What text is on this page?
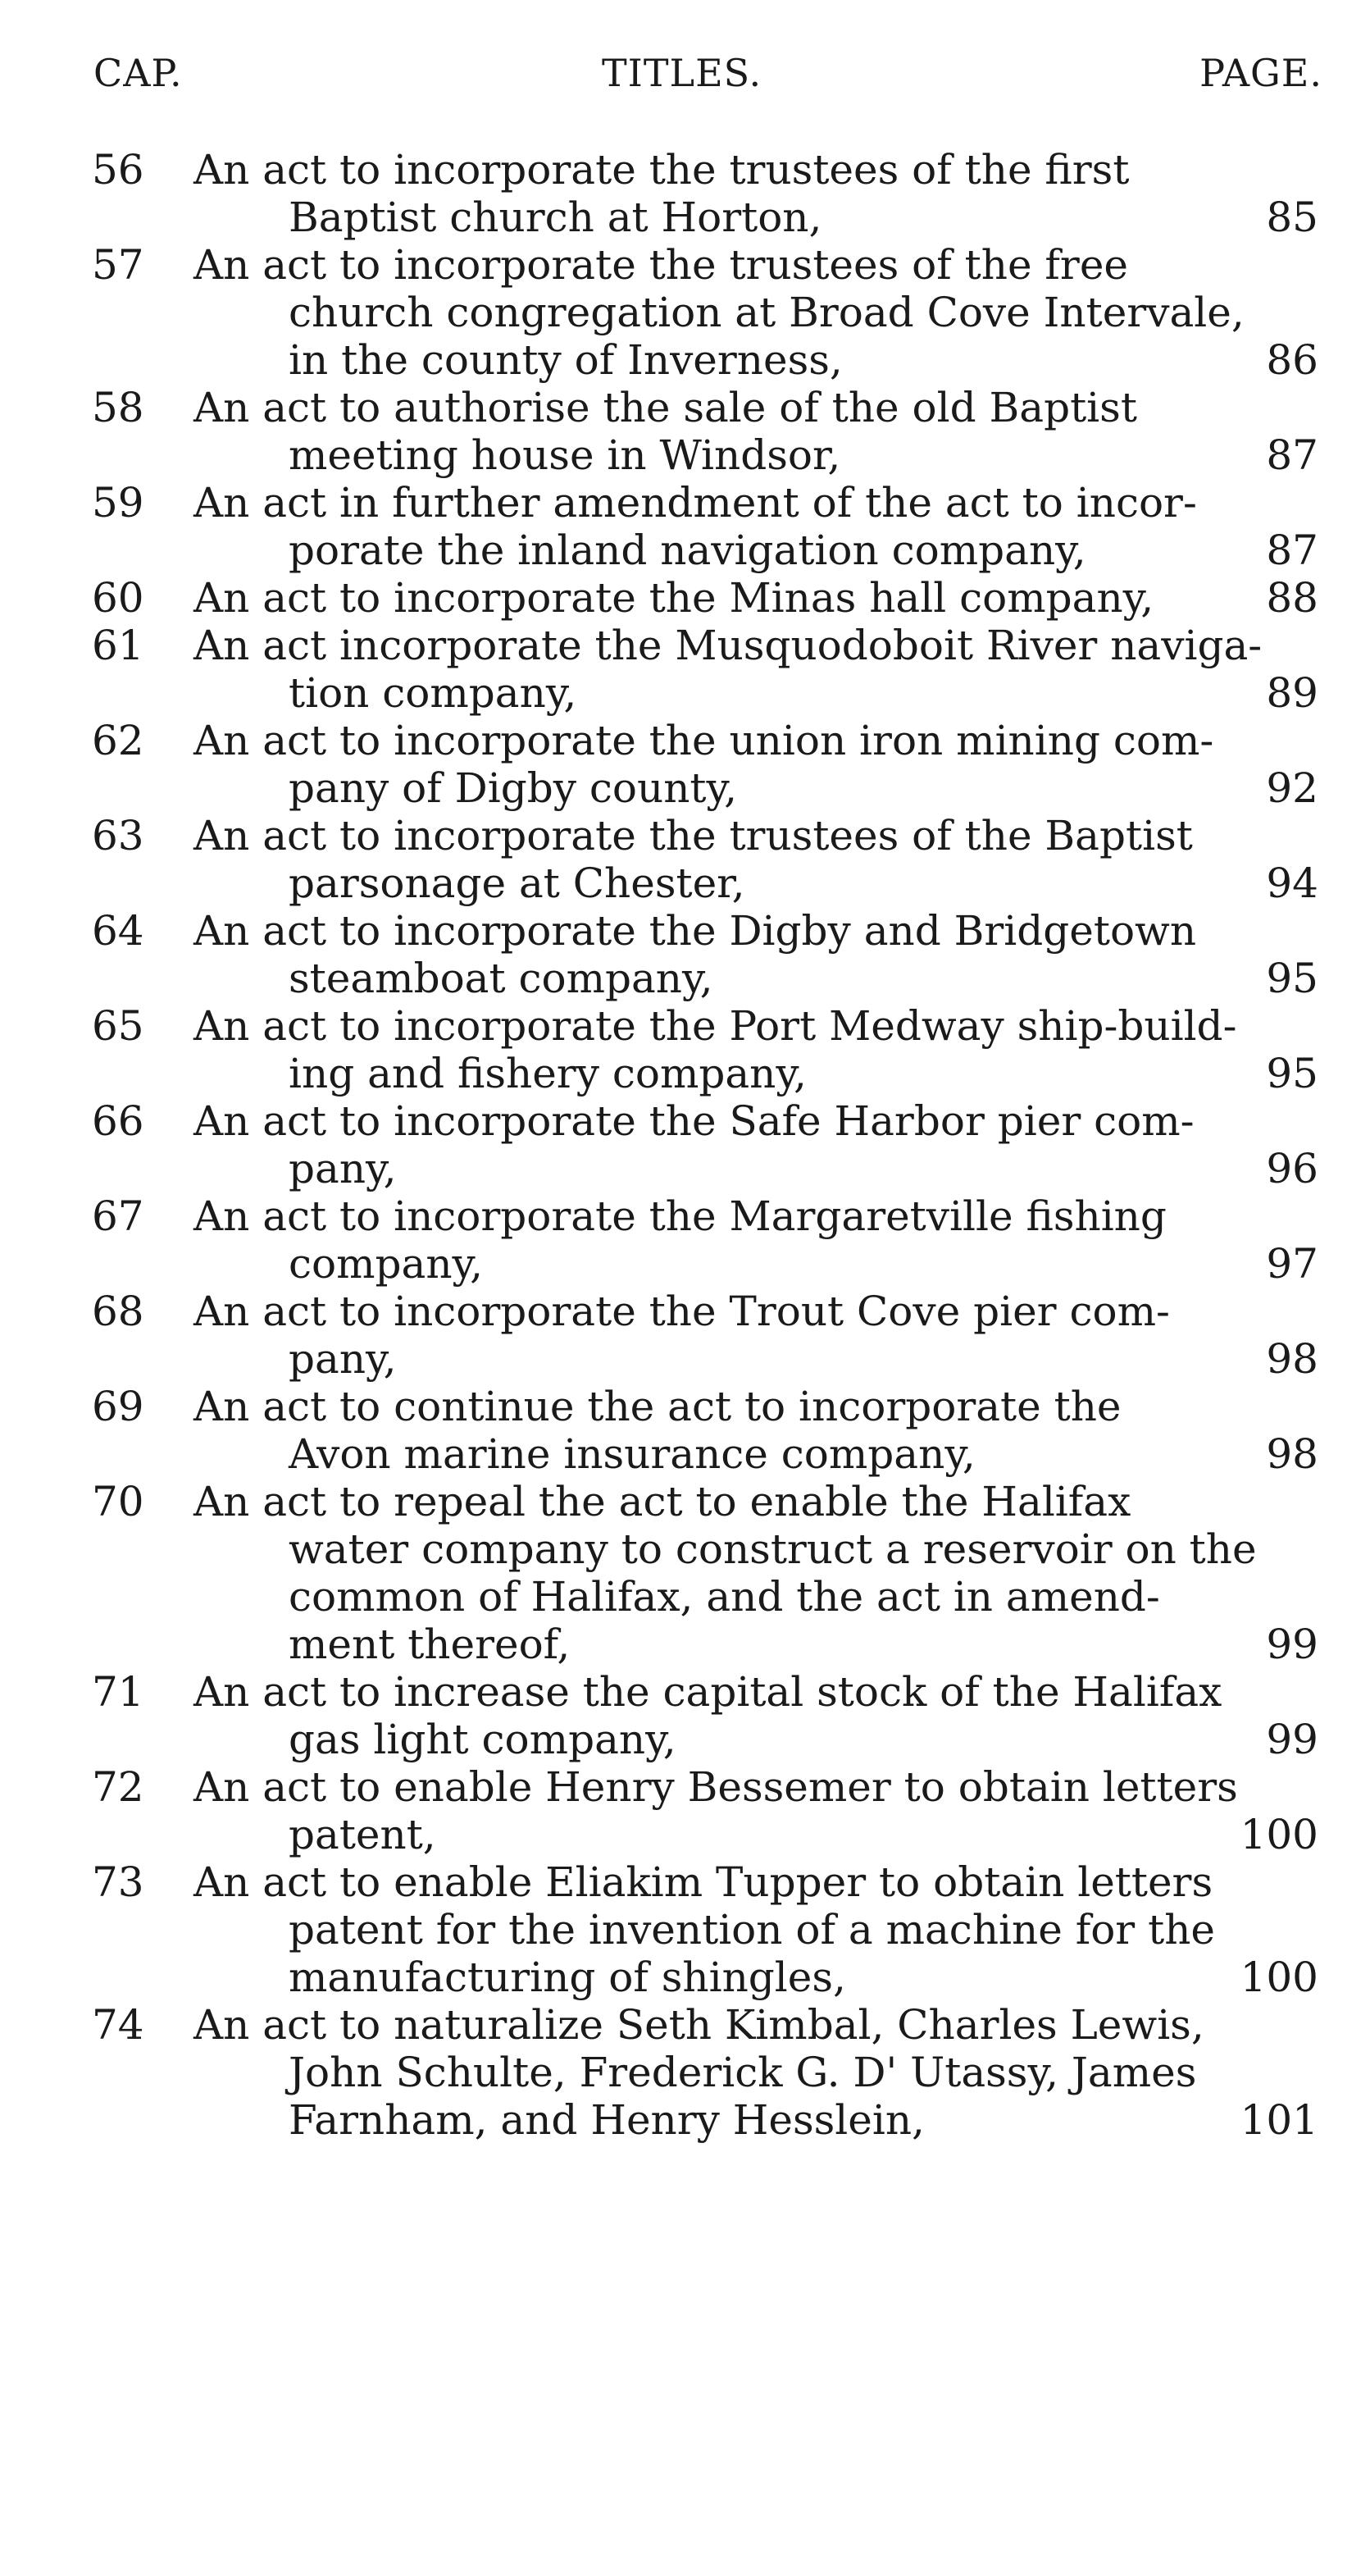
CAP.	TITLES.	PAGE.
56	An act to incorporate the trustees of the first
Baptist church at Horton,	85
57	An act to incorporate the trustees of the free
church congregation at Broad Cove Intervale,
in the county of Inverness,	86
58	An act to authorise the sale of the old Baptist
meeting house in Windsor,	87
59	An act in further amendment of the act to incor-
porate the inland navigation company,	87
60	An act to incorporate the Minas hall company,	88
61	An act incorporate the Musquodoboit River naviga-
tion company,	89
62	An act to incorporate the union iron mining com-
pany of Digby county,	92
63	An act to incorporate the trustees of the Baptist
parsonage at Chester,	94
64	An act to incorporate the Digby and Bridgetown
steamboat company,	95
65	An act to incorporate the Port Medway ship-build-
ing and fishery company,	95
66	An act to incorporate the Safe Harbor pier com-
pany,	96
67	An act to incorporate the Margaretville fishing
company,	97
68	An act to incorporate the Trout Cove pier com-
pany,	98
69	An act to continue the act to incorporate the
Avon marine insurance company,	98
70	An act to repeal the act to enable the Halifax
water company to construct a reservoir on the
common of Halifax, and the act in amend-
ment thereof,	99
71	An act to increase the capital stock of the Halifax
gas light company,	99
72	An act to enable Henry Bessemer to obtain letters
patent,	100
73	An act to enable Eliakim Tupper to obtain letters
patent for the invention of a machine for the
manufacturing of shingles,	100
74	An act to naturalize Seth Kimbal, Charles Lewis,
John Schulte, Frederick G. D' Utassy, James
Farnham, and Henry Hesslein,	101
